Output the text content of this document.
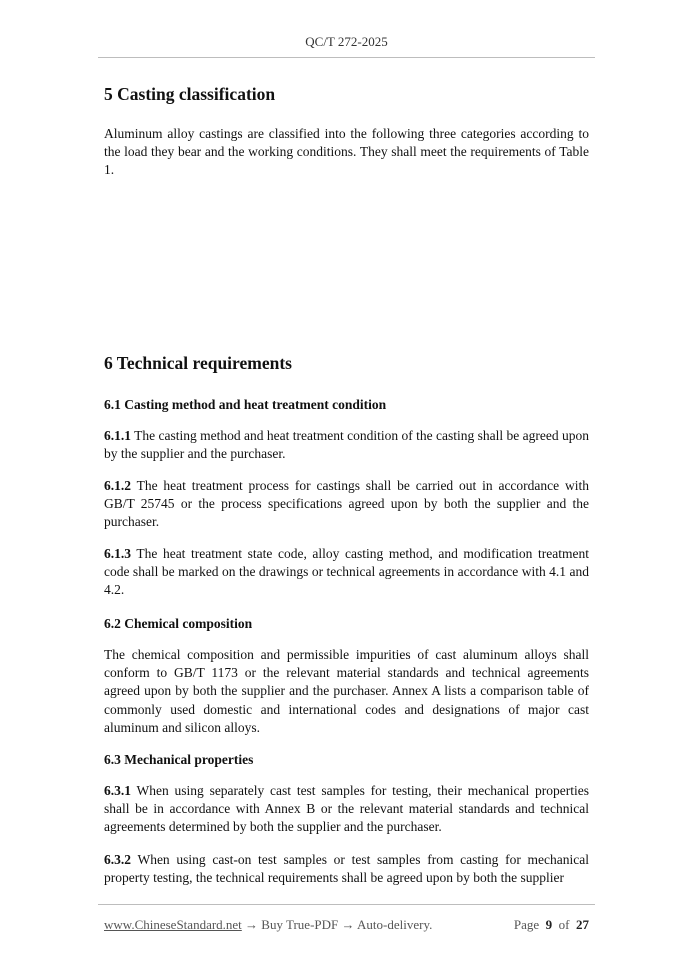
QC/T 272-2025
5 Casting classification

Aluminum alloy castings are classified into the following three categories according to the load they bear and the working conditions. They shall meet the requirements of Table 1.

6 Technical requirements
6.1 Casting method and heat treatment condition

6.1.1 The casting method and heat treatment condition of the casting shall be agreed upon by the supplier and the purchaser.

6.1.2 The heat treatment process for castings shall be carried out in accordance with GB/T 25745 or the process specifications agreed upon by both the supplier and the purchaser.

6.1.3 The heat treatment state code, alloy casting method, and modification treatment code shall be marked on the drawings or technical agreements in accordance with 4.1 and 4.2.

6.2 Chemical composition

The chemical composition and permissible impurities of cast aluminum alloys shall conform to GB/T 1173 or the relevant material standards and technical agreements agreed upon by both the supplier and the purchaser. Annex A lists a comparison table of commonly used domestic and international codes and designations of major cast aluminum and silicon alloys.

6.3 Mechanical properties

6.3.1 When using separately cast test samples for testing, their mechanical properties shall be in accordance with Annex B or the relevant material standards and technical agreements determined by both the supplier and the purchaser.

6.3.2 When using cast-on test samples or test samples from casting for mechanical property testing, the technical requirements shall be agreed upon by both the supplier

www.ChineseStandard.net → Buy True-PDF → Auto-delivery.	Page 9 of 27
